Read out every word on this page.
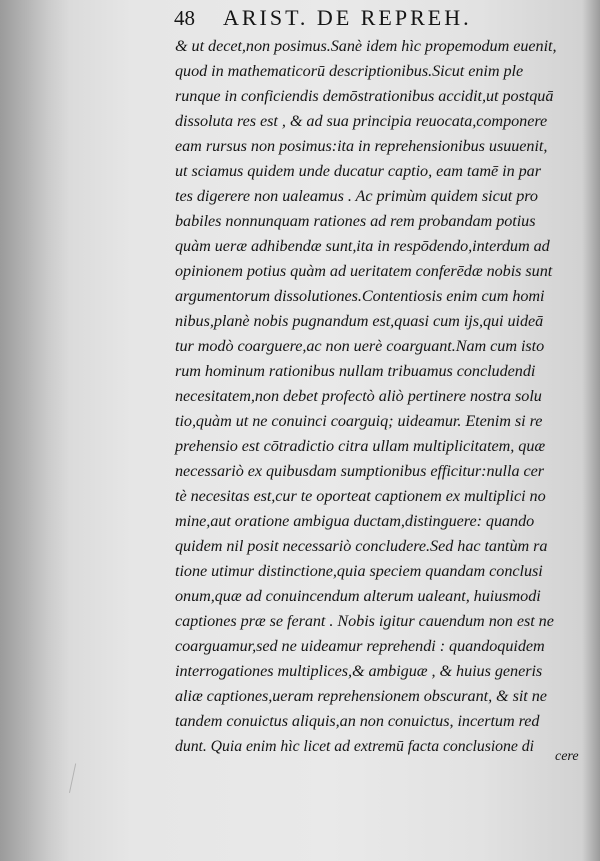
48 ARIST. DE REPREH.
& ut decet,non posimus.Sanè idem hìc propemodum euenit,
quod in mathematicorū descriptionibus.Sicut enim ple
runque in conficiendis demōstrationibus accidit,ut postquā
dissoluta res est , & ad sua principia reuocata,componere
eam rursus non posimus:ita in reprehensionibus usuuenit,
ut sciamus quidem unde ducatur captio, eam tamē in par
tes digerere non ualeamus . Ac primùm quidem sicut pro
babiles nonnunquam rationes ad rem probandam potius
quàm ueræ adhibendæ sunt,ita in respōdendo,interdum ad
opinionem potius quàm ad ueritatem conferēdæ nobis sunt
argumentorum dissolutiones.Contentiosis enim cum homi
nibus,planè nobis pugnandum est,quasi cum ijs,qui uideā
tur modò coarguere,ac non uerè coarguant.Nam cum isto
rum hominum rationibus nullam tribuamus concludendi
necesitatem,non debet profectò aliò pertinere nostra solu
tio,quàm ut ne conuinci coarguiq; uideamur. Etenim si re
prehensio est cōtradictio citra ullam multiplicitatem, quæ
necessariò ex quibusdam sumptionibus efficitur:nulla cer
tè necesitas est,cur te oporteat captionem ex multiplici no
mine,aut oratione ambigua ductam,distinguere: quando
quidem nil posit necessariò concludere.Sed hac tantùm ra
tione utimur distinctione,quia speciem quandam conclusi
onum,quæ ad conuincendum alterum ualeant, huiusmodi
captiones præ se ferant . Nobis igitur cauendum non est ne
coarguamur,sed ne uideamur reprehendi : quandoquidem
interrogationes multiplices,& ambiguæ , & huius generis
aliæ captiones,ueram reprehensionem obscurant, & sit ne
tandem conuictus aliquis,an non conuictus, incertum red
dunt. Quia enim hìc licet ad extremū facta conclusione di
cere
